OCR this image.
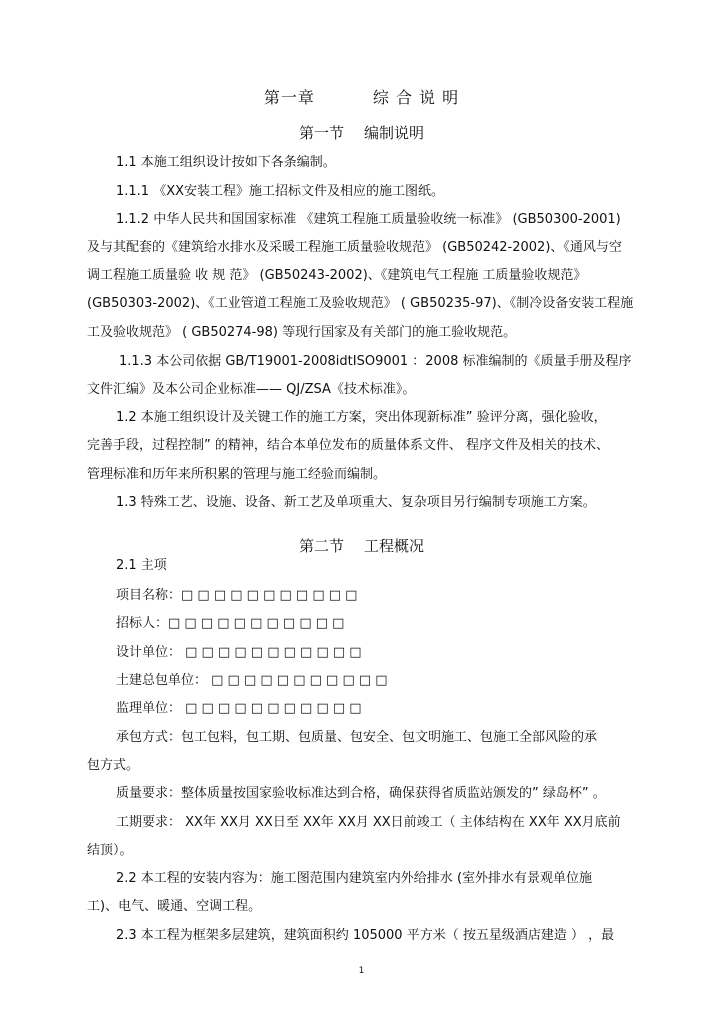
第一章	综 合 说 明
第一节 编制说明
1.1 本施工组织设计按如下各条编制。
1.1.1 《XX安装工程》施工招标文件及相应的施工图纸。
1.1.2 中华人民共和国国家标准 《建筑工程施工质量验收统一标准》 (GB50300-2001)
及与其配套的《建筑给水排水及采暖工程施工质量验收规范》 (GB50242-2002)、《通风与空
调工程施工质量验 收 规 范》 (GB50243-2002)、《建筑电气工程施 工质量验收规范》
(GB50303-2002)、《工业管道工程施工及验收规范》 ( GB50235-97)、《制冷设备安装工程施
工及验收规范》 ( GB50274-98) 等现行国家及有关部门的施工验收规范。
1.1.3 本公司依据 GB/T19001-2008idtISO9001 ：2008 标准编制的《质量手册及程序
文件汇编》及本公司企业标准—— QJ/ZSA《技术标准》。
1.2 本施工组织设计及关键工作的施工方案，突出体现新标准” 验评分离，强化验收，
完善手段，过程控制” 的精神，结合本单位发布的质量体系文件、 程序文件及相关的技术、
管理标准和历年来所积累的管理与施工经验而编制。
1.3 特殊工艺、设施、设备、新工艺及单项重大、复杂项目另行编制专项施工方案。
第二节 工程概况
2.1 主项
项目名称：□ □ □ □ □ □ □ □ □ □ □
招标人：□ □ □ □ □ □ □ □ □ □ □
设计单位： □ □ □ □ □ □ □ □ □ □ □
土建总包单位： □ □ □ □ □ □ □ □ □ □ □
监理单位： □ □ □ □ □ □ □ □ □ □ □
承包方式：包工包料，包工期、包质量、包安全、包文明施工、包施工全部风险的承
包方式。
质量要求：整体质量按国家验收标准达到合格，确保获得省质监站颁发的” 绿岛杯” 。
工期要求： XX年 XX月 XX日至 XX年 XX月 XX日前竣工（ 主体结构在 XX年 XX月底前
结顶）。
2.2 本工程的安装内容为：施工图范围内建筑室内外给排水 (室外排水有景观单位施
工)、电气、暖通、空调工程。
2.3 本工程为框架多层建筑，建筑面积约 105000 平方米（ 按五星级酒店建造 ） ，最
1
